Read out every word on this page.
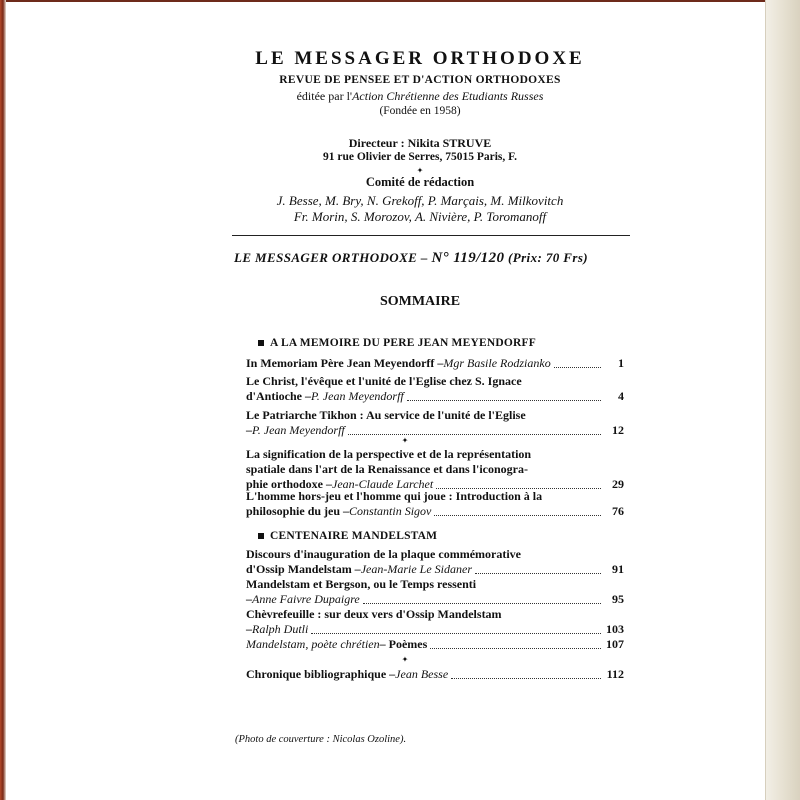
LE MESSAGER ORTHODOXE
REVUE DE PENSEE ET D'ACTION ORTHODOXES
éditée par l'Action Chrétienne des Etudiants Russes
(Fondée en 1958)
Directeur : Nikita STRUVE
91 rue Olivier de Serres, 75015 Paris, F.
✦
Comité de rédaction
J. Besse, M. Bry, N. Grekoff, P. Marçais, M. Milkovitch
Fr. Morin, S. Morozov, A. Nivière, P. Toromanoff
LE MESSAGER ORTHODOXE – N° 119/120 (Prix: 70 Frs)
SOMMAIRE
A LA MEMOIRE DU PERE JEAN MEYENDORFF
In Memoriam Père Jean Meyendorff – Mgr Basile Rodzianko	1
Le Christ, l'évêque et l'unité de l'Eglise chez S. Ignace
d'Antioche – P. Jean Meyendorff	4
Le Patriarche Tikhon : Au service de l'unité de l'Eglise
– P. Jean Meyendorff	12
✦
La signification de la perspective et de la représentation
spatiale dans l'art de la Renaissance et dans l'iconogra-
phie orthodoxe – Jean-Claude Larchet	29
L'homme hors-jeu et l'homme qui joue : Introduction à la
philosophie du jeu – Constantin Sigov	76
CENTENAIRE MANDELSTAM
Discours d'inauguration de la plaque commémorative
d'Ossip Mandelstam – Jean-Marie Le Sidaner	91
Mandelstam et Bergson, ou le Temps ressenti
– Anne Faivre Dupaigre	95
Chèvrefeuille : sur deux vers d'Ossip Mandelstam
– Ralph Dutli	103
Mandelstam, poète chrétien – Poèmes	107
✦
Chronique bibliographique – Jean Besse	112
(Photo de couverture : Nicolas Ozoline).
